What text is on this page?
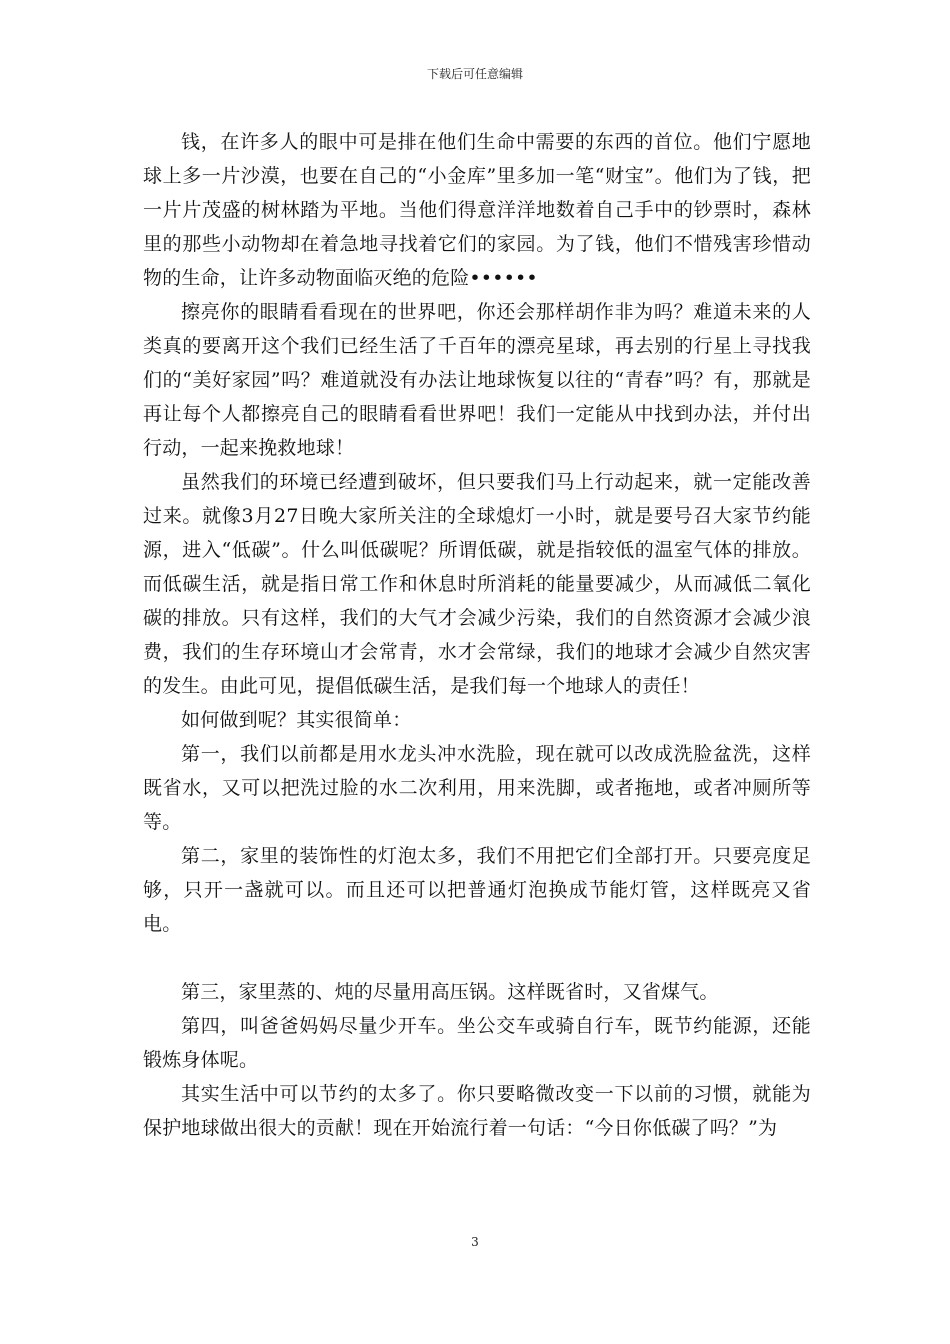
下载后可任意编辑

钱，在许多人的眼中可是排在他们生命中需要的东西的首位。他们宁愿地球上多一片沙漠，也要在自己的“小金库”里多加一笔“财宝”。他们为了钱，把一片片茂盛的树林踏为平地。当他们得意洋洋地数着自己手中的钞票时，森林里的那些小动物却在着急地寻找着它们的家园。为了钱，他们不惜残害珍惜动物的生命，让许多动物面临灭绝的危险••••••

擦亮你的眼睛看看现在的世界吧，你还会那样胡作非为吗？难道未来的人类真的要离开这个我们已经生活了千百年的漂亮星球，再去别的行星上寻找我们的“美好家园”吗？难道就没有办法让地球恢复以往的“青春”吗？有，那就是再让每个人都擦亮自己的眼睛看看世界吧！我们一定能从中找到办法，并付出行动，一起来挽救地球！

虽然我们的环境已经遭到破坏，但只要我们马上行动起来，就一定能改善过来。就像3月27日晚大家所关注的全球熄灯一小时，就是要号召大家节约能源，进入“低碳”。什么叫低碳呢？所谓低碳，就是指较低的温室气体的排放。而低碳生活，就是指日常工作和休息时所消耗的能量要减少，从而减低二氧化碳的排放。只有这样，我们的大气才会减少污染，我们的自然资源才会减少浪费，我们的生存环境山才会常青，水才会常绿，我们的地球才会减少自然灾害的发生。由此可见，提倡低碳生活，是我们每一个地球人的责任！

如何做到呢？其实很简单：

第一，我们以前都是用水龙头冲水洗脸，现在就可以改成洗脸盆洗，这样既省水，又可以把洗过脸的水二次利用，用来洗脚，或者拖地，或者冲厕所等等。

第二，家里的装饰性的灯泡太多，我们不用把它们全部打开。只要亮度足够，只开一盏就可以。而且还可以把普通灯泡换成节能灯管，这样既亮又省电。

第三，家里蒸的、炖的尽量用高压锅。这样既省时，又省煤气。

第四，叫爸爸妈妈尽量少开车。坐公交车或骑自行车，既节约能源，还能锻炼身体呢。

其实生活中可以节约的太多了。你只要略微改变一下以前的习惯，就能为保护地球做出很大的贡献！现在开始流行着一句话：“今日你低碳了吗？”为

3
